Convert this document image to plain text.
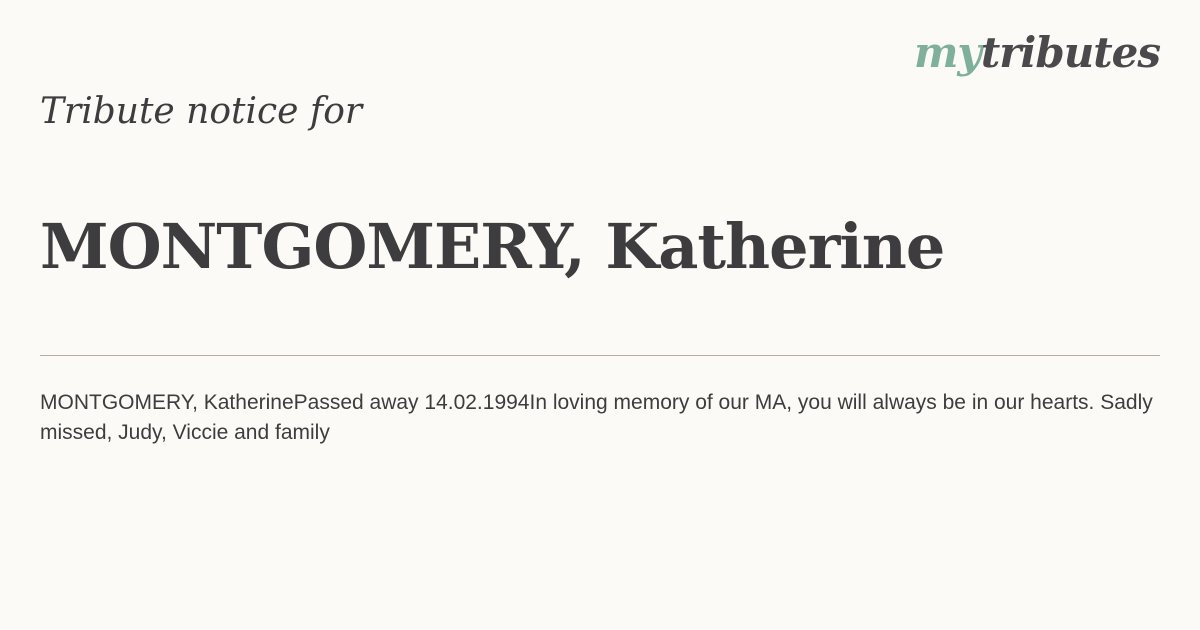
mytributes
Tribute notice for
MONTGOMERY, Katherine
MONTGOMERY, KatherinePassed away 14.02.1994In loving memory of our MA, you will always be in our hearts. Sadly missed, Judy, Viccie and family
